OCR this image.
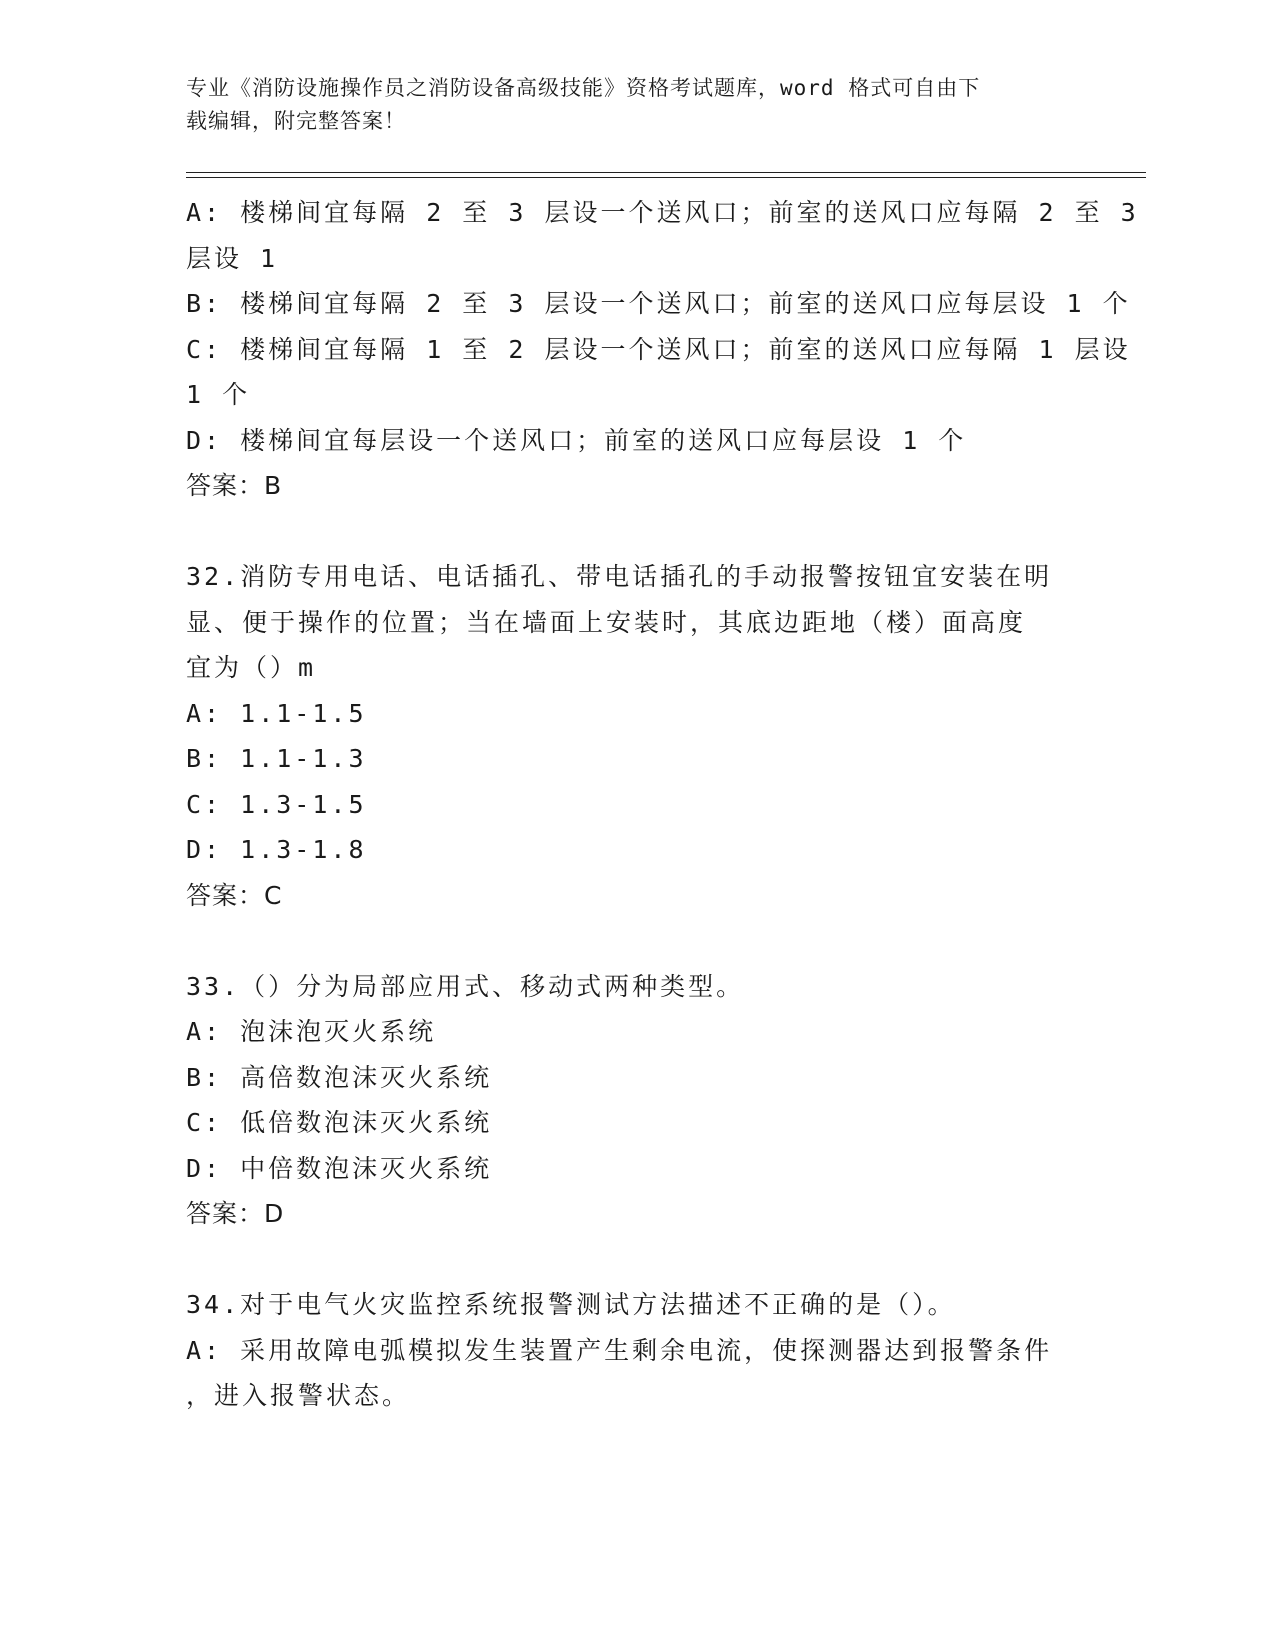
专业《消防设施操作员之消防设备高级技能》资格考试题库，word 格式可自由下
载编辑，附完整答案！
A: 楼梯间宜每隔 2 至 3 层设一个送风口；前室的送风口应每隔 2 至 3
层设 1
B: 楼梯间宜每隔 2 至 3 层设一个送风口；前室的送风口应每层设 1 个
C: 楼梯间宜每隔 1 至 2 层设一个送风口；前室的送风口应每隔 1 层设
1 个
D: 楼梯间宜每层设一个送风口；前室的送风口应每层设 1 个
答案：B
32.消防专用电话、电话插孔、带电话插孔的手动报警按钮宜安装在明
显、便于操作的位置；当在墙面上安装时，其底边距地（楼）面高度
宜为（）m
A: 1.1-1.5
B: 1.1-1.3
C: 1.3-1.5
D: 1.3-1.8
答案：C
33.（）分为局部应用式、移动式两种类型。
A: 泡沫泡灭火系统
B: 高倍数泡沫灭火系统
C: 低倍数泡沫灭火系统
D: 中倍数泡沫灭火系统
答案：D
34.对于电气火灾监控系统报警测试方法描述不正确的是（）。
A: 采用故障电弧模拟发生装置产生剩余电流，使探测器达到报警条件
，进入报警状态。
